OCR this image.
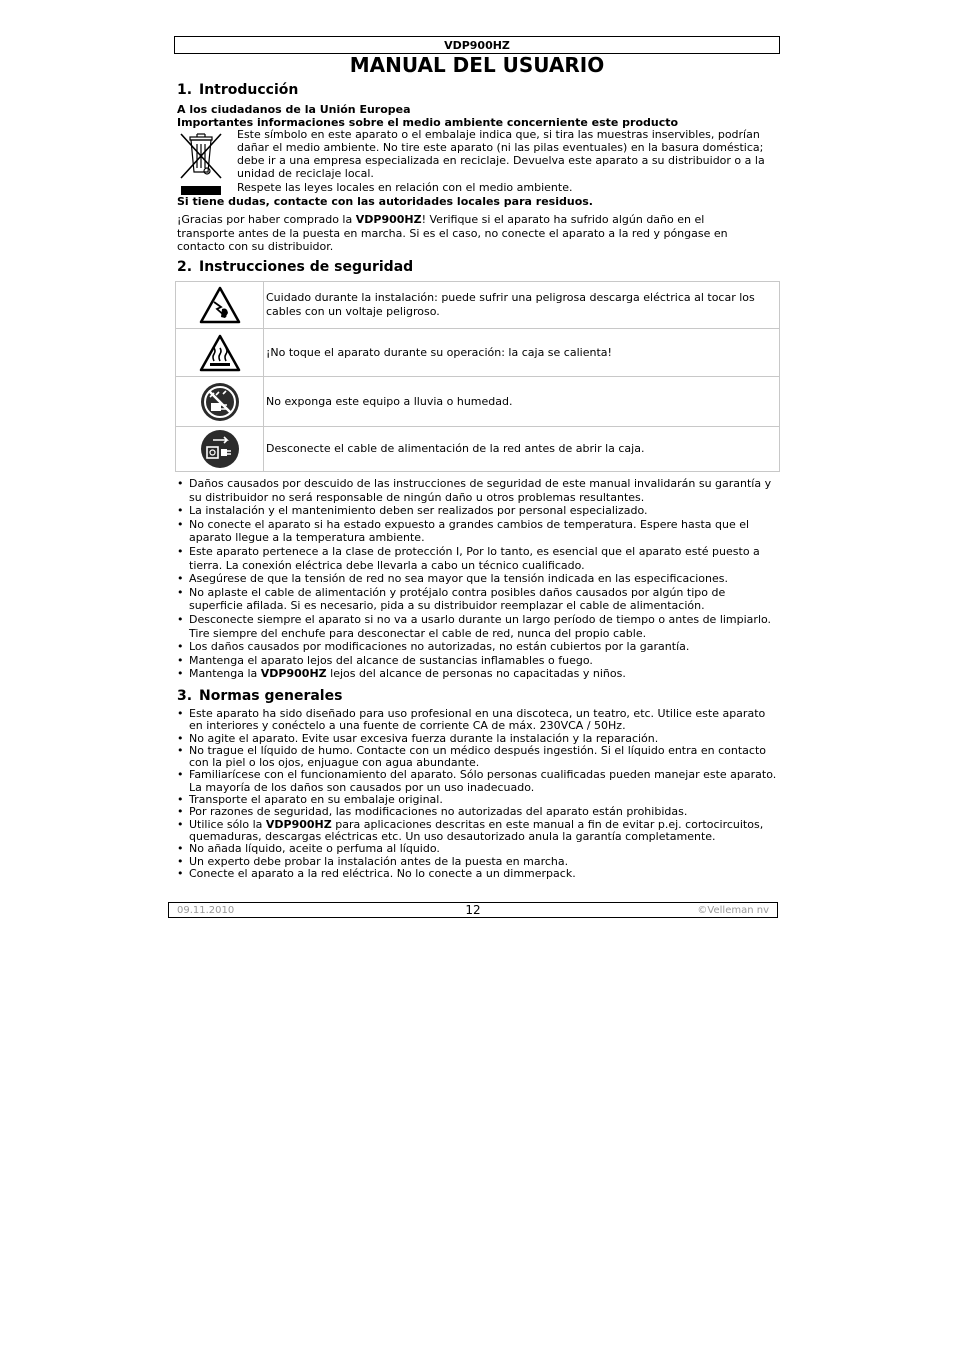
VDP900HZ
MANUAL DEL USUARIO
1. Introducción
A los ciudadanos de la Unión Europea
Importantes informaciones sobre el medio ambiente concerniente este producto
Este símbolo en este aparato o el embalaje indica que, si tira las muestras inservibles, podrían dañar el medio ambiente. No tire este aparato (ni las pilas eventuales) en la basura doméstica; debe ir a una empresa especializada en reciclaje. Devuelva este aparato a su distribuidor o a la unidad de reciclaje local.
Respete las leyes locales en relación con el medio ambiente.
Si tiene dudas, contacte con las autoridades locales para residuos.
¡Gracias por haber comprado la VDP900HZ! Verifique si el aparato ha sufrido algún daño en el transporte antes de la puesta en marcha. Si es el caso, no conecte el aparato a la red y póngase en contacto con su distribuidor.
2. Instrucciones de seguridad
	Cuidado durante la instalación: puede sufrir una peligrosa descarga eléctrica al tocar los cables con un voltaje peligroso.

	¡No toque el aparato durante su operación: la caja se calienta!

	No exponga este equipo a lluvia o humedad.

	Desconecte el cable de alimentación de la red antes de abrir la caja.
• Daños causados por descuido de las instrucciones de seguridad de este manual invalidarán su garantía y su distribuidor no será responsable de ningún daño u otros problemas resultantes.
• La instalación y el mantenimiento deben ser realizados por personal especializado.
• No conecte el aparato si ha estado expuesto a grandes cambios de temperatura. Espere hasta que el aparato llegue a la temperatura ambiente.
• Este aparato pertenece a la clase de protección I, Por lo tanto, es esencial que el aparato esté puesto a tierra. La conexión eléctrica debe llevarla a cabo un técnico cualificado.
• Asegúrese de que la tensión de red no sea mayor que la tensión indicada en las especificaciones.
• No aplaste el cable de alimentación y protéjalo contra posibles daños causados por algún tipo de superficie afilada. Si es necesario, pida a su distribuidor reemplazar el cable de alimentación.
• Desconecte siempre el aparato si no va a usarlo durante un largo período de tiempo o antes de limpiarlo. Tire siempre del enchufe para desconectar el cable de red, nunca del propio cable.
• Los daños causados por modificaciones no autorizadas, no están cubiertos por la garantía.
• Mantenga el aparato lejos del alcance de sustancias inflamables o fuego.
• Mantenga la VDP900HZ lejos del alcance de personas no capacitadas y niños.
3. Normas generales
• Este aparato ha sido diseñado para uso profesional en una discoteca, un teatro, etc. Utilice este aparato en interiores y conéctelo a una fuente de corriente CA de máx. 230VCA / 50Hz.
• No agite el aparato. Evite usar excesiva fuerza durante la instalación y la reparación.
• No trague el líquido de humo. Contacte con un médico después ingestión. Si el líquido entra en contacto con la piel o los ojos, enjuague con agua abundante.
• Familiarícese con el funcionamiento del aparato. Sólo personas cualificadas pueden manejar este aparato. La mayoría de los daños son causados por un uso inadecuado.
• Transporte el aparato en su embalaje original.
• Por razones de seguridad, las modificaciones no autorizadas del aparato están prohibidas.
• Utilice sólo la VDP900HZ para aplicaciones descritas en este manual a fin de evitar p.ej. cortocircuitos, quemaduras, descargas eléctricas etc. Un uso desautorizado anula la garantía completamente.
• No añada líquido, aceite o perfuma al líquido.
• Un experto debe probar la instalación antes de la puesta en marcha.
• Conecte el aparato a la red eléctrica. No lo conecte a un dimmerpack.
09.11.2010	12	©Velleman nv
